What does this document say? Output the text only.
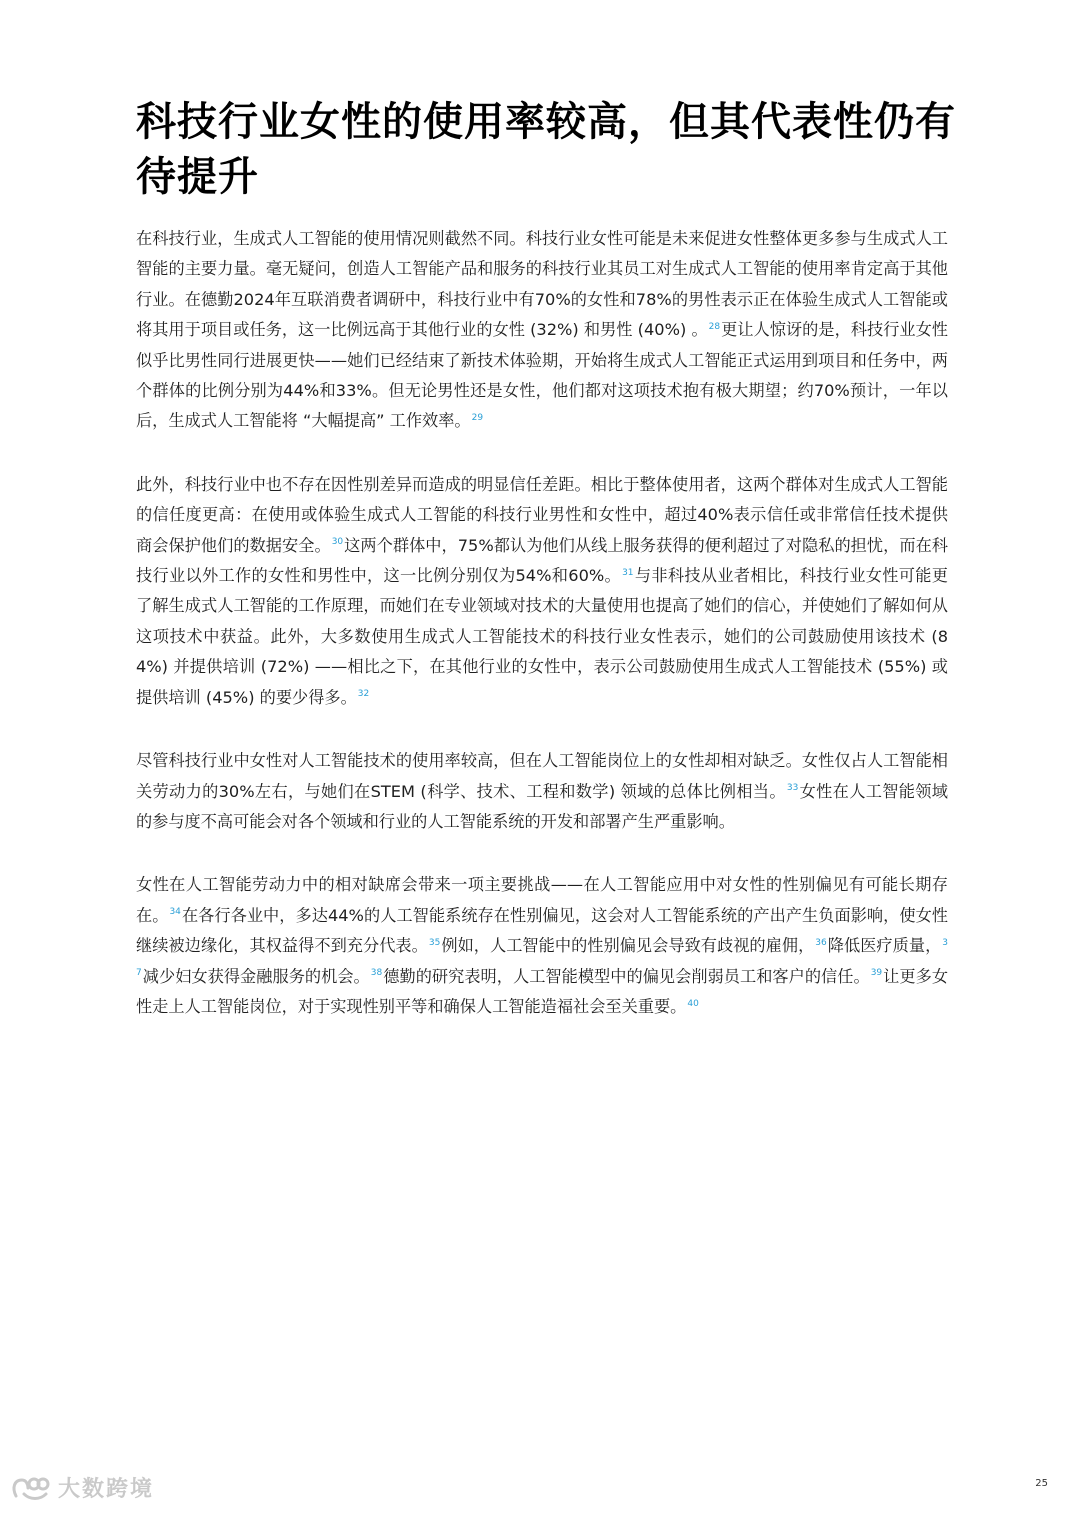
科技行业女性的使用率较高，但其代表性仍有待提升

在科技行业，生成式人工智能的使用情况则截然不同。科技行业女性可能是未来促进女性整体更多参与生成式人工智能的主要力量。毫无疑问，创造人工智能产品和服务的科技行业其员工对生成式人工智能的使用率肯定高于其他行业。在德勤2024年互联消费者调研中，科技行业中有70%的女性和78%的男性表示正在体验生成式人工智能或将其用于项目或任务，这一比例远高于其他行业的女性 (32%) 和男性 (40%) 。$^{28}$更让人惊讶的是，科技行业女性似乎比男性同行进展更快——她们已经结束了新技术体验期，开始将生成式人工智能正式运用到项目和任务中，两个群体的比例分别为44%和33%。但无论男性还是女性，他们都对这项技术抱有极大期望；约70%预计，一年以后，生成式人工智能将 “大幅提高” 工作效率。$^{29}$

此外，科技行业中也不存在因性别差异而造成的明显信任差距。相比于整体使用者，这两个群体对生成式人工智能的信任度更高：在使用或体验生成式人工智能的科技行业男性和女性中，超过40%表示信任或非常信任技术提供商会保护他们的数据安全。$^{30}$这两个群体中，75%都认为他们从线上服务获得的便利超过了对隐私的担忧，而在科技行业以外工作的女性和男性中，这一比例分别仅为54%和60%。$^{31}$与非科技从业者相比，科技行业女性可能更了解生成式人工智能的工作原理，而她们在专业领域对技术的大量使用也提高了她们的信心，并使她们了解如何从这项技术中获益。此外，大多数使用生成式人工智能技术的科技行业女性表示，她们的公司鼓励使用该技术 (84%) 并提供培训 (72%) ——相比之下，在其他行业的女性中，表示公司鼓励使用生成式人工智能技术 (55%) 或提供培训 (45%) 的要少得多。$^{32}$

尽管科技行业中女性对人工智能技术的使用率较高，但在人工智能岗位上的女性却相对缺乏。女性仅占人工智能相关劳动力的30%左右，与她们在STEM (科学、技术、工程和数学) 领域的总体比例相当。$^{33}$女性在人工智能领域的参与度不高可能会对各个领域和行业的人工智能系统的开发和部署产生严重影响。

女性在人工智能劳动力中的相对缺席会带来一项主要挑战——在人工智能应用中对女性的性别偏见有可能长期存在。$^{34}$在各行各业中，多达44%的人工智能系统存在性别偏见，这会对人工智能系统的产出产生负面影响，使女性继续被边缘化，其权益得不到充分代表。$^{35}$例如，人工智能中的性别偏见会导致有歧视的雇佣，$^{36}$降低医疗质量，$^{37}$减少妇女获得金融服务的机会。$^{38}$德勤的研究表明，人工智能模型中的偏见会削弱员工和客户的信任。$^{39}$让更多女性走上人工智能岗位，对于实现性别平等和确保人工智能造福社会至关重要。$^{40}$

大数跨境	25
